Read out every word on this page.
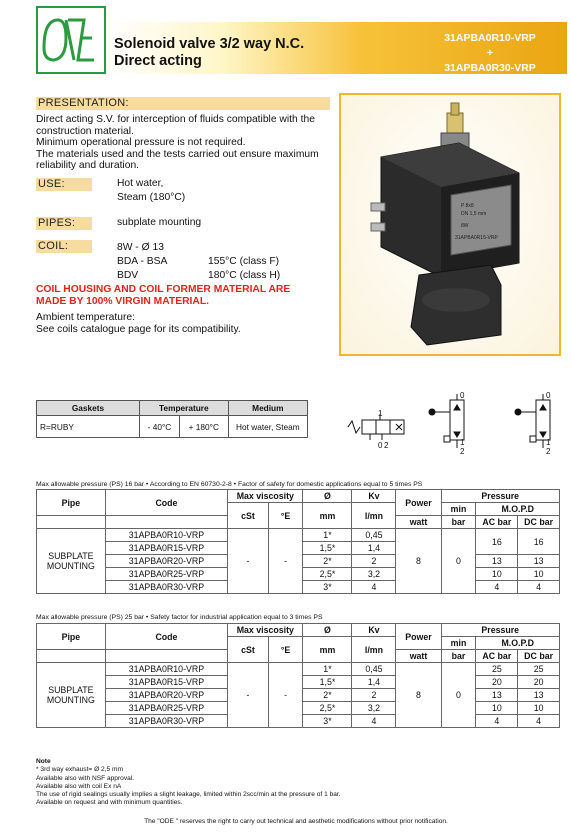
Solenoid valve 3/2 way N.C.
Direct acting
31APBA0R10-VRP
+
31APBA0R30-VRP
PRESENTATION:
Direct acting S.V. for interception of fluids compatible with the
construction material.
Minimum operational pressure is not required.
The materials used and the tests carried out ensure maximum
reliability and duration.
USE:	Hot water,
Steam (180°C)
PIPES:	subplate mounting
COIL:	8W - Ø 13
BDA - BSA	155°C (class F)
BDV	180°C (class H)
COIL HOUSING AND COIL FORMER MATERIAL ARE
MADE BY 100% VIRGIN MATERIAL.
Ambient temperature:
See coils catalogue page for its compatibility.
P 8x8
DN 1,5 mm
8W
31APBA0R15-VRP
Gaskets	Temperature		Medium
R=RUBY	- 40°C	+ 180°C	Hot water, Steam
0 2
1
0
1
2
0
1
2
Max allowable pressure (PS) 16 bar • According to EN 60730-2-8 • Factor of safety for domestic applications equal to 5 times PS
Pipe	Code	Max viscosity		Ø	Kv	Power	Pressure		
		cSt	°E	mm	l/mn		min	M.O.P.D	
						watt	bar	AC bar	DC bar

SUBPLATE
MOUNTING	31APBA0R10-VRP	-	-	1*	0,45	8	0	16	16
	31APBA0R15-VRP			1,5*	1,4				
	31APBA0R20-VRP			2*	2			13	13
	31APBA0R25-VRP			2,5*	3,2			10	10
	31APBA0R30-VRP			3*	4			4	4
Max allowable pressure (PS) 25 bar • Safety factor for industrial application equal to 3 times PS
Pipe	Code	Max viscosity		Ø	Kv	Power	Pressure		
		cSt	°E	mm	l/mn		min	M.O.P.D	
						watt	bar	AC bar	DC bar

SUBPLATE
MOUNTING	31APBA0R10-VRP	-	-	1*	0,45	8	0	25	25
	31APBA0R15-VRP			1,5*	1,4			20	20
	31APBA0R20-VRP			2*	2			13	13
	31APBA0R25-VRP			2,5*	3,2			10	10
	31APBA0R30-VRP			3*	4			4	4
Note
* 3rd way exhaust= Ø 2,5 mm
Available also with NSF approval.
Available also with coil Ex nA
The use of rigid sealings usually implies a slight leakage, limited within 2scc/min at the pressure of 1 bar.
Available on request and with minimum quantities.
The "ODE " reserves the right to carry out technical and aesthetic modifications without prior notification.
